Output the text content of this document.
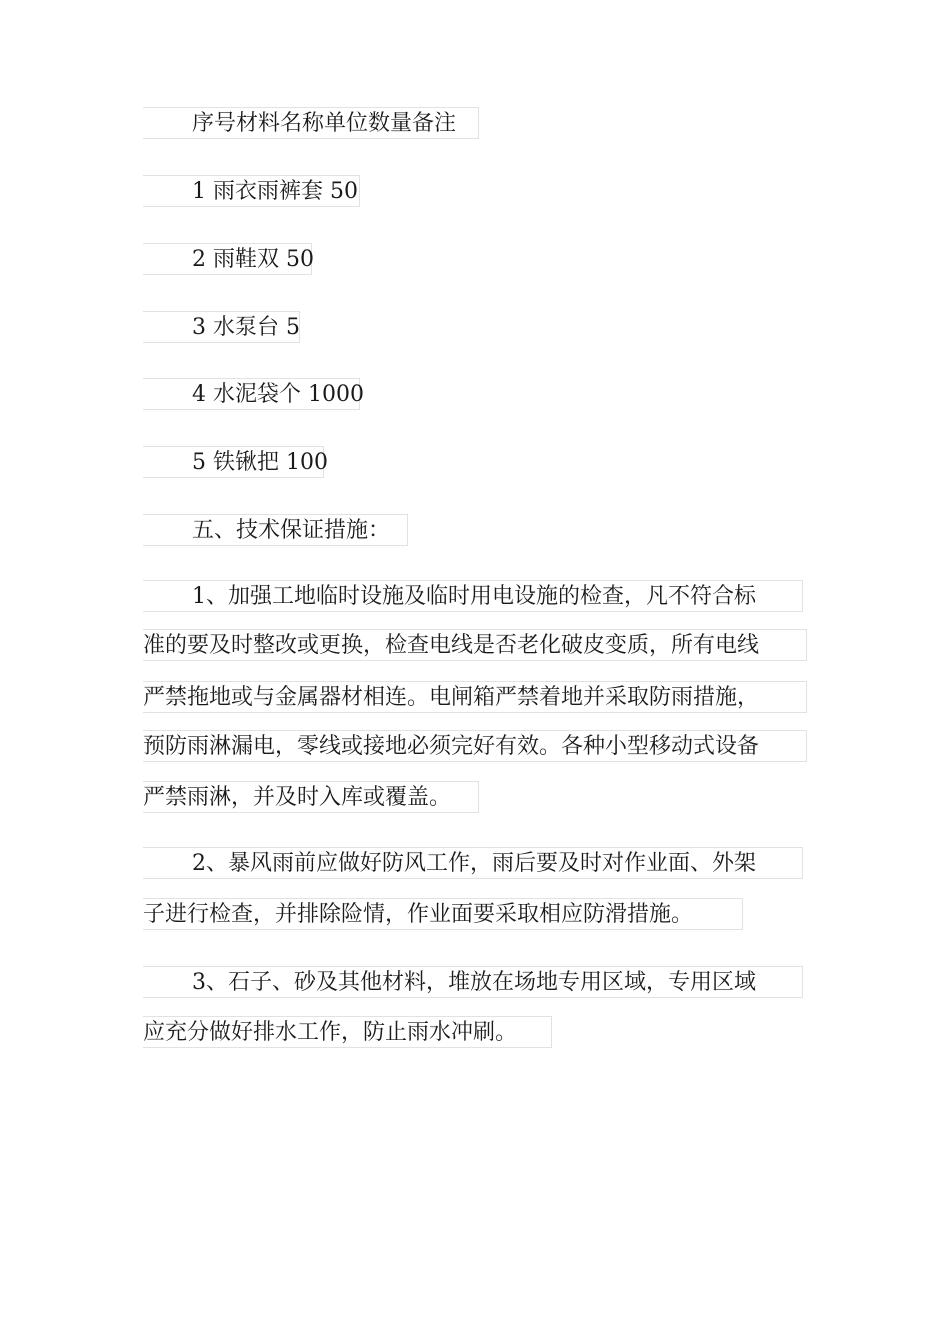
序号材料名称单位数量备注
1 雨衣雨裤套 50
2 雨鞋双 50
3 水泵台 5
4 水泥袋个 1000
5 铁锹把 100
五、技术保证措施：
1、加强工地临时设施及临时用电设施的检查，凡不符合标
准的要及时整改或更换，检查电线是否老化破皮变质，所有电线
严禁拖地或与金属器材相连。电闸箱严禁着地并采取防雨措施，
预防雨淋漏电，零线或接地必须完好有效。各种小型移动式设备
严禁雨淋，并及时入库或覆盖。
2、暴风雨前应做好防风工作，雨后要及时对作业面、外架
子进行检查，并排除险情，作业面要采取相应防滑措施。
3、石子、砂及其他材料，堆放在场地专用区域，专用区域
应充分做好排水工作，防止雨水冲刷。
